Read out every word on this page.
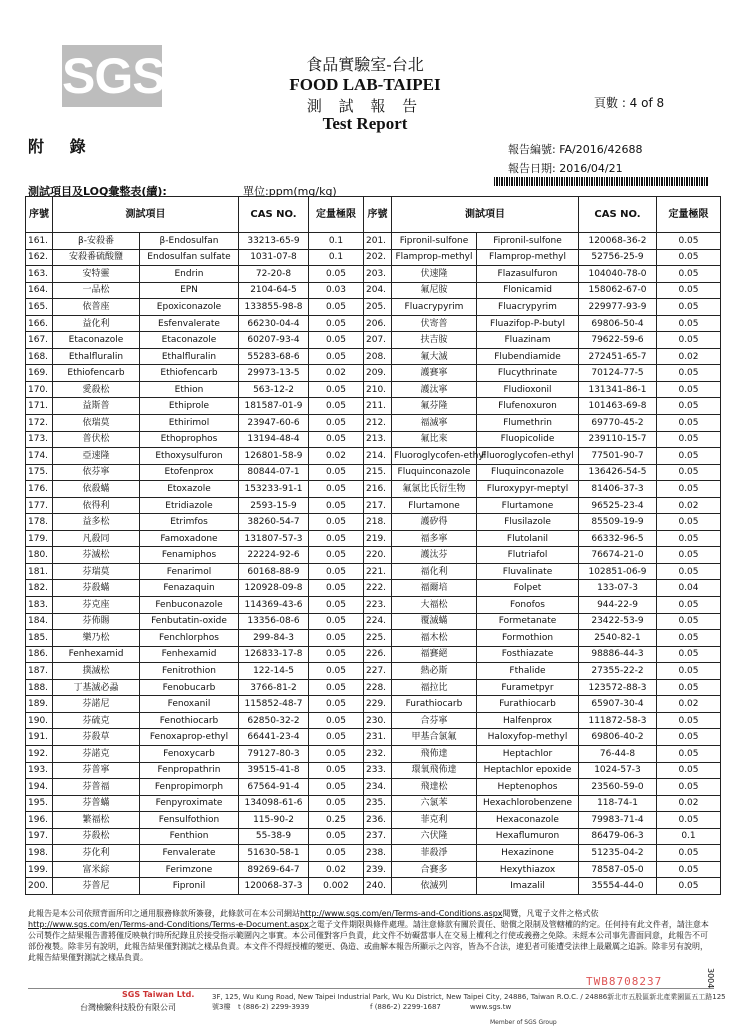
SGS	食品實驗室-台北
FOOD LAB-TAIPEI
測 試 報 告
Test Report
頁數 : 4 of 8
附 錄	報告編號: FA/2016/42688
報告日期: 2016/04/21
測試項目及LOQ彙整表(續):	單位:ppm(mg/kg)
序號	測試項目		CAS NO.	定量極限	序號	測試項目		CAS NO.	定量極限
161.	β-安殺番	β-Endosulfan	33213-65-9	0.1	201.	Fipronil-sulfone	Fipronil-sulfone	120068-36-2	0.05
162.	安殺番硫酸鹽	Endosulfan sulfate	1031-07-8	0.1	202.	Flamprop-methyl	Flamprop-methyl	52756-25-9	0.05
163.	安特靈	Endrin	72-20-8	0.05	203.	伏速隆	Flazasulfuron	104040-78-0	0.05
164.	一品松	EPN	2104-64-5	0.03	204.	氟尼胺	Flonicamid	158062-67-0	0.05
165.	依普座	Epoxiconazole	133855-98-8	0.05	205.	Fluacrypyrim	Fluacrypyrim	229977-93-9	0.05
166.	益化利	Esfenvalerate	66230-04-4	0.05	206.	伏寄普	Fluazifop-P-butyl	69806-50-4	0.05
167.	Etaconazole	Etaconazole	60207-93-4	0.05	207.	扶吉胺	Fluazinam	79622-59-6	0.05
168.	Ethalfluralin	Ethalfluralin	55283-68-6	0.05	208.	氟大滅	Flubendiamide	272451-65-7	0.02
169.	Ethiofencarb	Ethiofencarb	29973-13-5	0.02	209.	護賽寧	Flucythrinate	70124-77-5	0.05
170.	愛殺松	Ethion	563-12-2	0.05	210.	護汰寧	Fludioxonil	131341-86-1	0.05
171.	益斯普	Ethiprole	181587-01-9	0.05	211.	氟芬隆	Flufenoxuron	101463-69-8	0.05
172.	依瑞莫	Ethirimol	23947-60-6	0.05	212.	福滅寧	Flumethrin	69770-45-2	0.05
173.	普伏松	Ethoprophos	13194-48-4	0.05	213.	氟比來	Fluopicolide	239110-15-7	0.05
174.	亞速隆	Ethoxysulfuron	126801-58-9	0.02	214.	Fluoroglycofen-ethyl	Fluoroglycofen-ethyl	77501-90-7	0.05
175.	依芬寧	Etofenprox	80844-07-1	0.05	215.	Fluquinconazole	Fluquinconazole	136426-54-5	0.05
176.	依殺蟎	Etoxazole	153233-91-1	0.05	216.	氟氯比氏衍生物	Fluroxypyr-meptyl	81406-37-3	0.05
177.	依得利	Etridiazole	2593-15-9	0.05	217.	Flurtamone	Flurtamone	96525-23-4	0.02
178.	益多松	Etrimfos	38260-54-7	0.05	218.	護矽得	Flusilazole	85509-19-9	0.05
179.	凡殺同	Famoxadone	131807-57-3	0.05	219.	福多寧	Flutolanil	66332-96-5	0.05
180.	芬滅松	Fenamiphos	22224-92-6	0.05	220.	護汰芬	Flutriafol	76674-21-0	0.05
181.	芬瑞莫	Fenarimol	60168-88-9	0.05	221.	福化利	Fluvalinate	102851-06-9	0.05
182.	芬殺蟎	Fenazaquin	120928-09-8	0.05	222.	福爾培	Folpet	133-07-3	0.04
183.	芬克座	Fenbuconazole	114369-43-6	0.05	223.	大福松	Fonofos	944-22-9	0.05
184.	芬佈賜	Fenbutatin-oxide	13356-08-6	0.05	224.	覆滅蟎	Formetanate	23422-53-9	0.05
185.	樂乃松	Fenchlorphos	299-84-3	0.05	225.	福木松	Formothion	2540-82-1	0.05
186.	Fenhexamid	Fenhexamid	126833-17-8	0.05	226.	福賽絕	Fosthiazate	98886-44-3	0.05
187.	撲滅松	Fenitrothion	122-14-5	0.05	227.	熱必斯	Fthalide	27355-22-2	0.05
188.	丁基滅必蝨	Fenobucarb	3766-81-2	0.05	228.	福拉比	Furametpyr	123572-88-3	0.05
189.	芬諾尼	Fenoxanil	115852-48-7	0.05	229.	Furathiocarb	Furathiocarb	65907-30-4	0.02
190.	芬硫克	Fenothiocarb	62850-32-2	0.05	230.	合芬寧	Halfenprox	111872-58-3	0.05
191.	芬殺草	Fenoxaprop-ethyl	66441-23-4	0.05	231.	甲基合氯氟	Haloxyfop-methyl	69806-40-2	0.05
192.	芬諾克	Fenoxycarb	79127-80-3	0.05	232.	飛佈達	Heptachlor	76-44-8	0.05
193.	芬普寧	Fenpropathrin	39515-41-8	0.05	233.	環氧飛佈達	Heptachlor epoxide	1024-57-3	0.05
194.	芬普福	Fenpropimorph	67564-91-4	0.05	234.	飛達松	Heptenophos	23560-59-0	0.05
195.	芬普蟎	Fenpyroximate	134098-61-6	0.05	235.	六氯苯	Hexachlorobenzene	118-74-1	0.02
196.	繁福松	Fensulfothion	115-90-2	0.25	236.	菲克利	Hexaconazole	79983-71-4	0.05
197.	芬殺松	Fenthion	55-38-9	0.05	237.	六伏隆	Hexaflumuron	86479-06-3	0.1
198.	芬化利	Fenvalerate	51630-58-1	0.05	238.	菲殺淨	Hexazinone	51235-04-2	0.05
199.	富米綜	Ferimzone	89269-64-7	0.02	239.	合賽多	Hexythiazox	78587-05-0	0.05
200.	芬普尼	Fipronil	120068-37-3	0.002	240.	依滅列	Imazalil	35554-44-0	0.05
此報告是本公司依照背面所印之通用服務條款所簽發，此條款可在本公司網站http://www.sgs.com/en/Terms-and-Conditions.aspx閱覽，凡電子文件之格式依http://www.sgs.com/en/Terms-and-Conditions/Terms-e-Document.aspx之電子文件期限與條件處理。請注意條款有關於責任、賠償之限制及管轄權的約定。任何持有此文件者，請注意本公司製作之結果報告書將僅反映執行時所紀錄且於接受指示範圍內之事實。本公司僅對客戶負責，此文件不妨礙當事人在交易上權利之行使或義務之免除。未經本公司事先書面同意，此報告不可部份複製。除非另有說明，此報告結果僅對測試之樣品負責。本文件不得經授權的變更、偽造、或曲解本報告所顯示之內容，皆為不合法，違犯者可能遭受法律上最嚴厲之追訴。除非另有說明，此報告結果僅對測試之樣品負責。
TWB8708237	3004
SGS Taiwan Ltd.
台灣檢驗科技股份有限公司
3F, 125, Wu Kung Road, New Taipei Industrial Park, Wu Ku District, New Taipei City, 24886, Taiwan R.O.C. / 24886新北市五股區新北產業園區五工路125號3樓	t (886-2) 2299-3939	f (886-2) 2299-1687	www.sgs.tw
Member of SGS Group
